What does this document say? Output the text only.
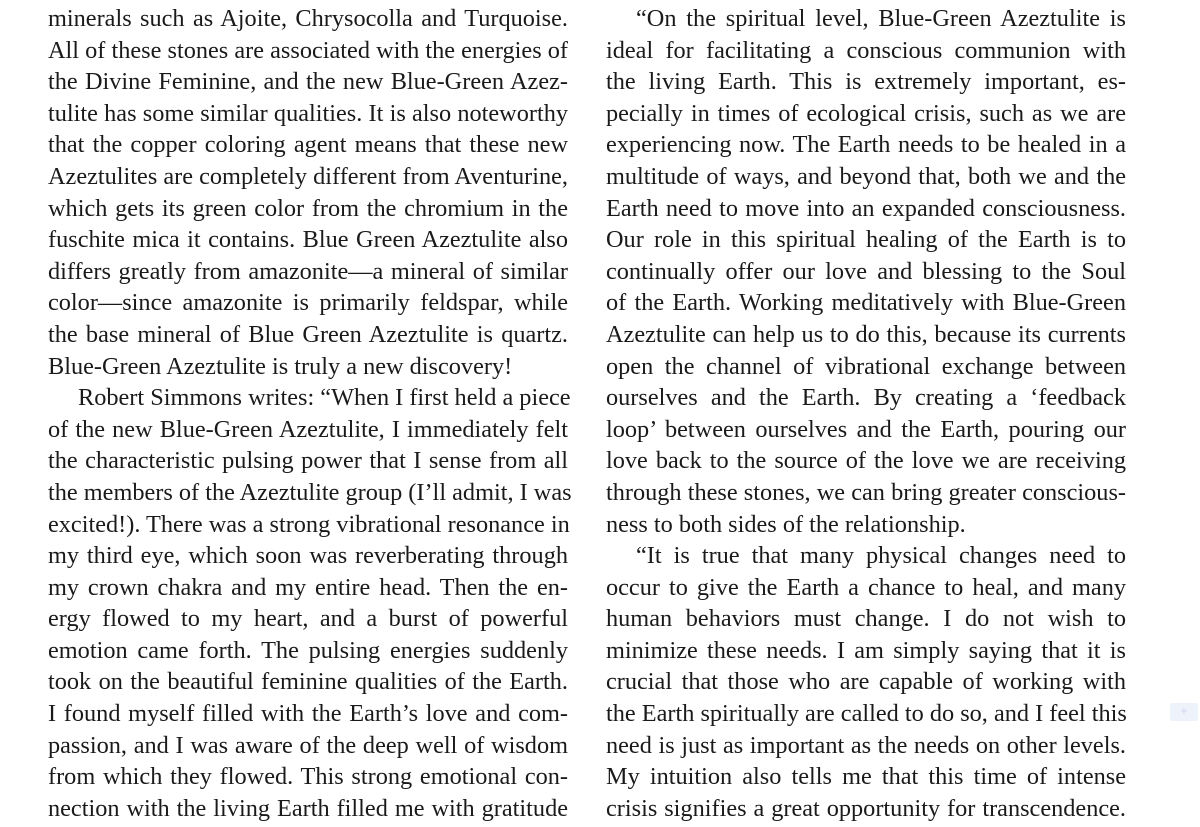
minerals such as Ajoite, Chrysocolla and Turquoise.
All of these stones are associated with the energies of
the Divine Feminine, and the new Blue-Green Azez-
tulite has some similar qualities. It is also noteworthy
that the copper coloring agent means that these new
Azeztulites are completely different from Aventurine,
which gets its green color from the chromium in the
fuschite mica it contains. Blue Green Azeztulite also
differs greatly from amazonite—a mineral of similar
color—since amazonite is primarily feldspar, while
the base mineral of Blue Green Azeztulite is quartz.
Blue-Green Azeztulite is truly a new discovery!
Robert Simmons writes: “When I first held a piece
of the new Blue-Green Azeztulite, I immediately felt
the characteristic pulsing power that I sense from all
the members of the Azeztulite group (I’ll admit, I was
excited!). There was a strong vibrational resonance in
my third eye, which soon was reverberating through
my crown chakra and my entire head. Then the en-
ergy flowed to my heart, and a burst of powerful
emotion came forth. The pulsing energies suddenly
took on the beautiful feminine qualities of the Earth.
I found myself filled with the Earth’s love and com-
passion, and I was aware of the deep well of wisdom
from which they flowed. This strong emotional con-
nection with the living Earth filled me with gratitude
“On the spiritual level, Blue-Green Azeztulite is
ideal for facilitating a conscious communion with
the living Earth. This is extremely important, es-
pecially in times of ecological crisis, such as we are
experiencing now. The Earth needs to be healed in a
multitude of ways, and beyond that, both we and the
Earth need to move into an expanded consciousness.
Our role in this spiritual healing of the Earth is to
continually offer our love and blessing to the Soul
of the Earth. Working meditatively with Blue-Green
Azeztulite can help us to do this, because its currents
open the channel of vibrational exchange between
ourselves and the Earth. By creating a ‘feedback
loop’ between ourselves and the Earth, pouring our
love back to the source of the love we are receiving
through these stones, we can bring greater conscious-
ness to both sides of the relationship.
“It is true that many physical changes need to
occur to give the Earth a chance to heal, and many
human behaviors must change. I do not wish to
minimize these needs. I am simply saying that it is
crucial that those who are capable of working with
the Earth spiritually are called to do so, and I feel this
need is just as important as the needs on other levels.
My intuition also tells me that this time of intense
crisis signifies a great opportunity for transcendence.
+
